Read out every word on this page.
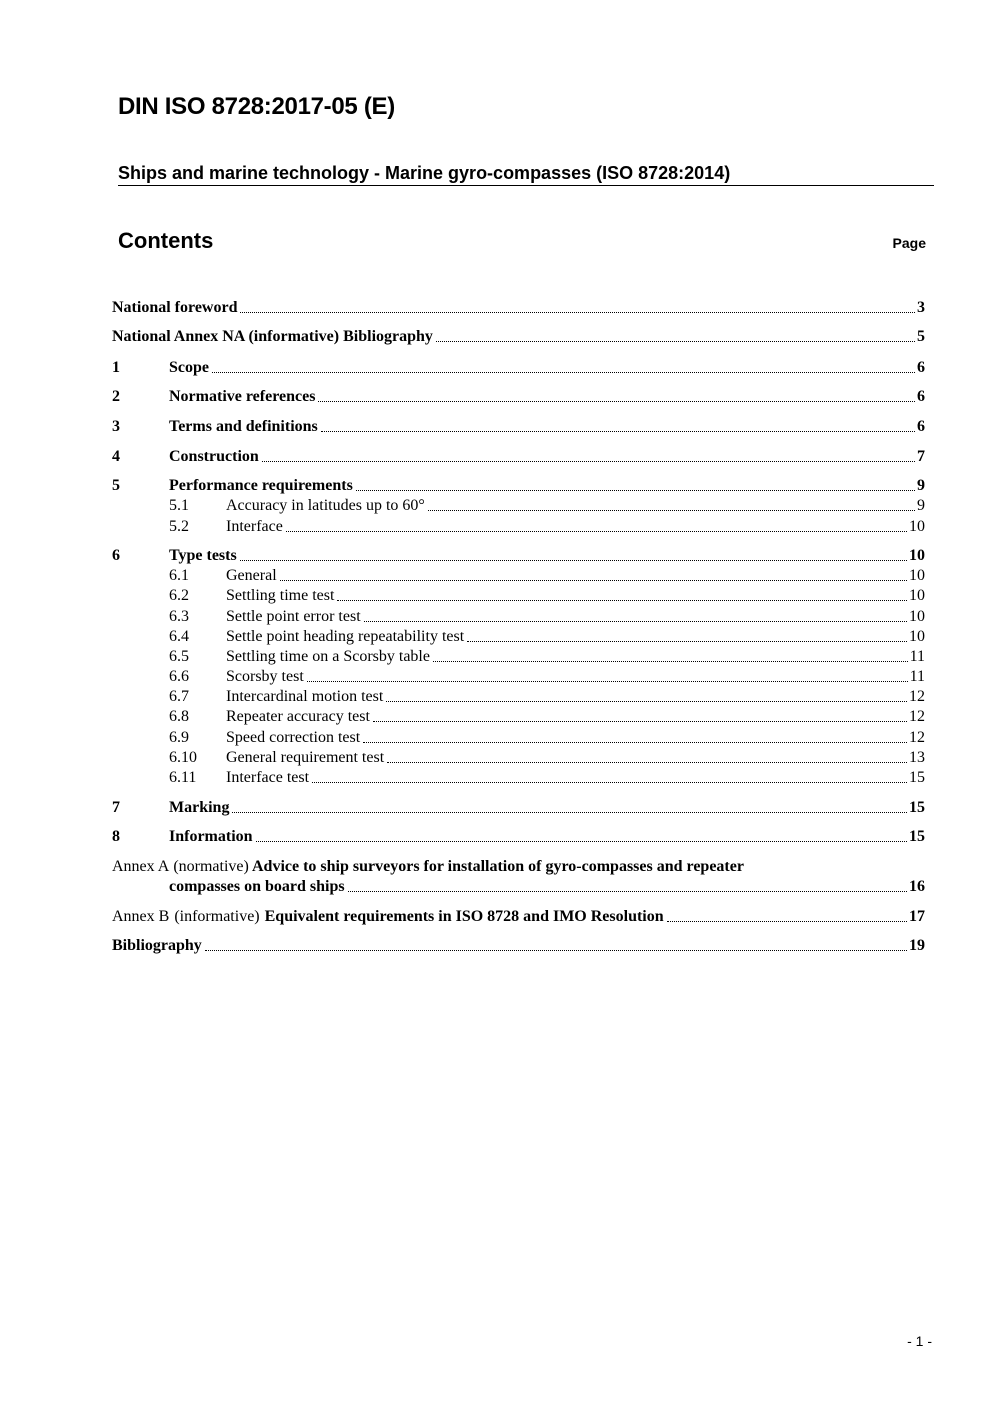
DIN ISO 8728:2017-05 (E)
Ships and marine technology - Marine gyro-compasses (ISO 8728:2014)
Contents	Page
National foreword	3
National Annex NA (informative) Bibliography	5
1	Scope	6
2	Normative references	6
3	Terms and definitions	6
4	Construction	7
5	Performance requirements	9
5.1	Accuracy in latitudes up to 60°	9
5.2	Interface	10
6	Type tests	10
6.1	General	10
6.2	Settling time test	10
6.3	Settle point error test	10
6.4	Settle point heading repeatability test	10
6.5	Settling time on a Scorsby table	11
6.6	Scorsby test	11
6.7	Intercardinal motion test	12
6.8	Repeater accuracy test	12
6.9	Speed correction test	12
6.10	General requirement test	13
6.11	Interface test	15
7	Marking	15
8	Information	15
Annex A (normative) Advice to ship surveyors for installation of gyro-compasses and repeater
compasses on board ships	16
Annex B (informative) Equivalent requirements in ISO 8728 and IMO Resolution	17
Bibliography	19
- 1 -
